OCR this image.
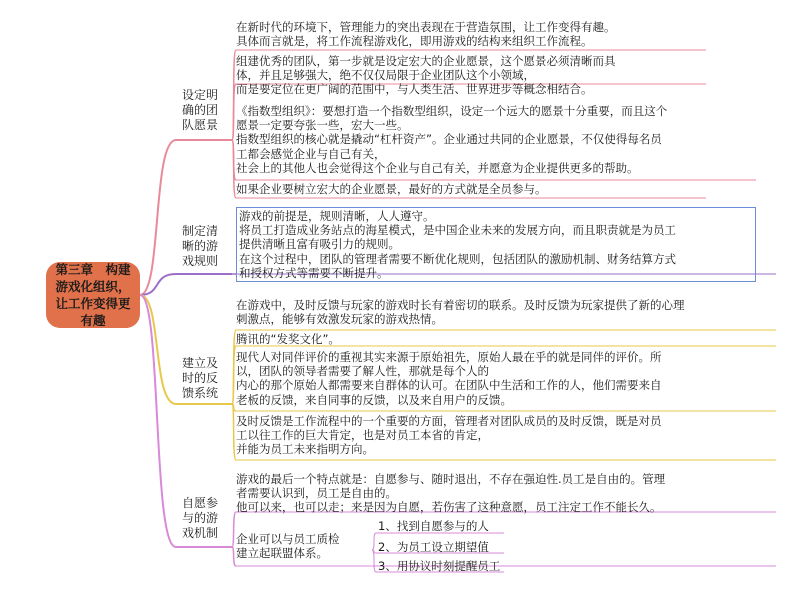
第三章　构建游戏化组织，让工作变得更有趣
设定明确的团队愿景
在新时代的环境下，管理能力的突出表现在于营造氛围，让工作变得有趣。
具体而言就是，将工作流程游戏化，即用游戏的结构来组织工作流程。
组建优秀的团队，第一步就是设定宏大的企业愿景，这个愿景必须清晰而具
体，并且足够强大，绝不仅仅局限于企业团队这个小领域，
而是要定位在更广阔的范围中，与人类生活、世界进步等概念相结合。
《指数型组织》：要想打造一个指数型组织，设定一个远大的愿景十分重要，而且这个
愿景一定要夸张一些，宏大一些。
指数型组织的核心就是撬动“杠杆资产”。企业通过共同的企业愿景，不仅使得每名员
工都会感觉企业与自己有关，
社会上的其他人也会觉得这个企业与自己有关，并愿意为企业提供更多的帮助。
如果企业要树立宏大的企业愿景，最好的方式就是全员参与。
制定清晰的游戏规则
游戏的前提是，规则清晰，人人遵守。
将员工打造成业务站点的海星模式，是中国企业未来的发展方向，而且职责就是为员工
提供清晰且富有吸引力的规则。
在这个过程中，团队的管理者需要不断优化规则，包括团队的激励机制、财务结算方式
和授权方式等需要不断提升。
建立及时的反馈系统
在游戏中，及时反馈与玩家的游戏时长有着密切的联系。及时反馈为玩家提供了新的心理
刺激点，能够有效激发玩家的游戏热情。
腾讯的“发奖文化”。
现代人对同伴评价的重视其实来源于原始祖先，原始人最在乎的就是同伴的评价。所
以，团队的领导者需要了解人性，那就是每个人的
内心的那个原始人都需要来自群体的认可。在团队中生活和工作的人，他们需要来自
老板的反馈，来自同事的反馈，以及来自用户的反馈。
及时反馈是工作流程中的一个重要的方面，管理者对团队成员的及时反馈，既是对员
工以往工作的巨大肯定，也是对员工本省的肯定，
并能为员工未来指明方向。
自愿参与的游戏机制
游戏的最后一个特点就是：自愿参与、随时退出，不存在强迫性.员工是自由的。管理
者需要认识到，员工是自由的。
他可以来，也可以走；来是因为自愿，若伤害了这种意愿，员工注定工作不能长久。
企业可以与员工质检
建立起联盟体系。
1、找到自愿参与的人
2、为员工设立期望值
3、用协议时刻提醒员工
